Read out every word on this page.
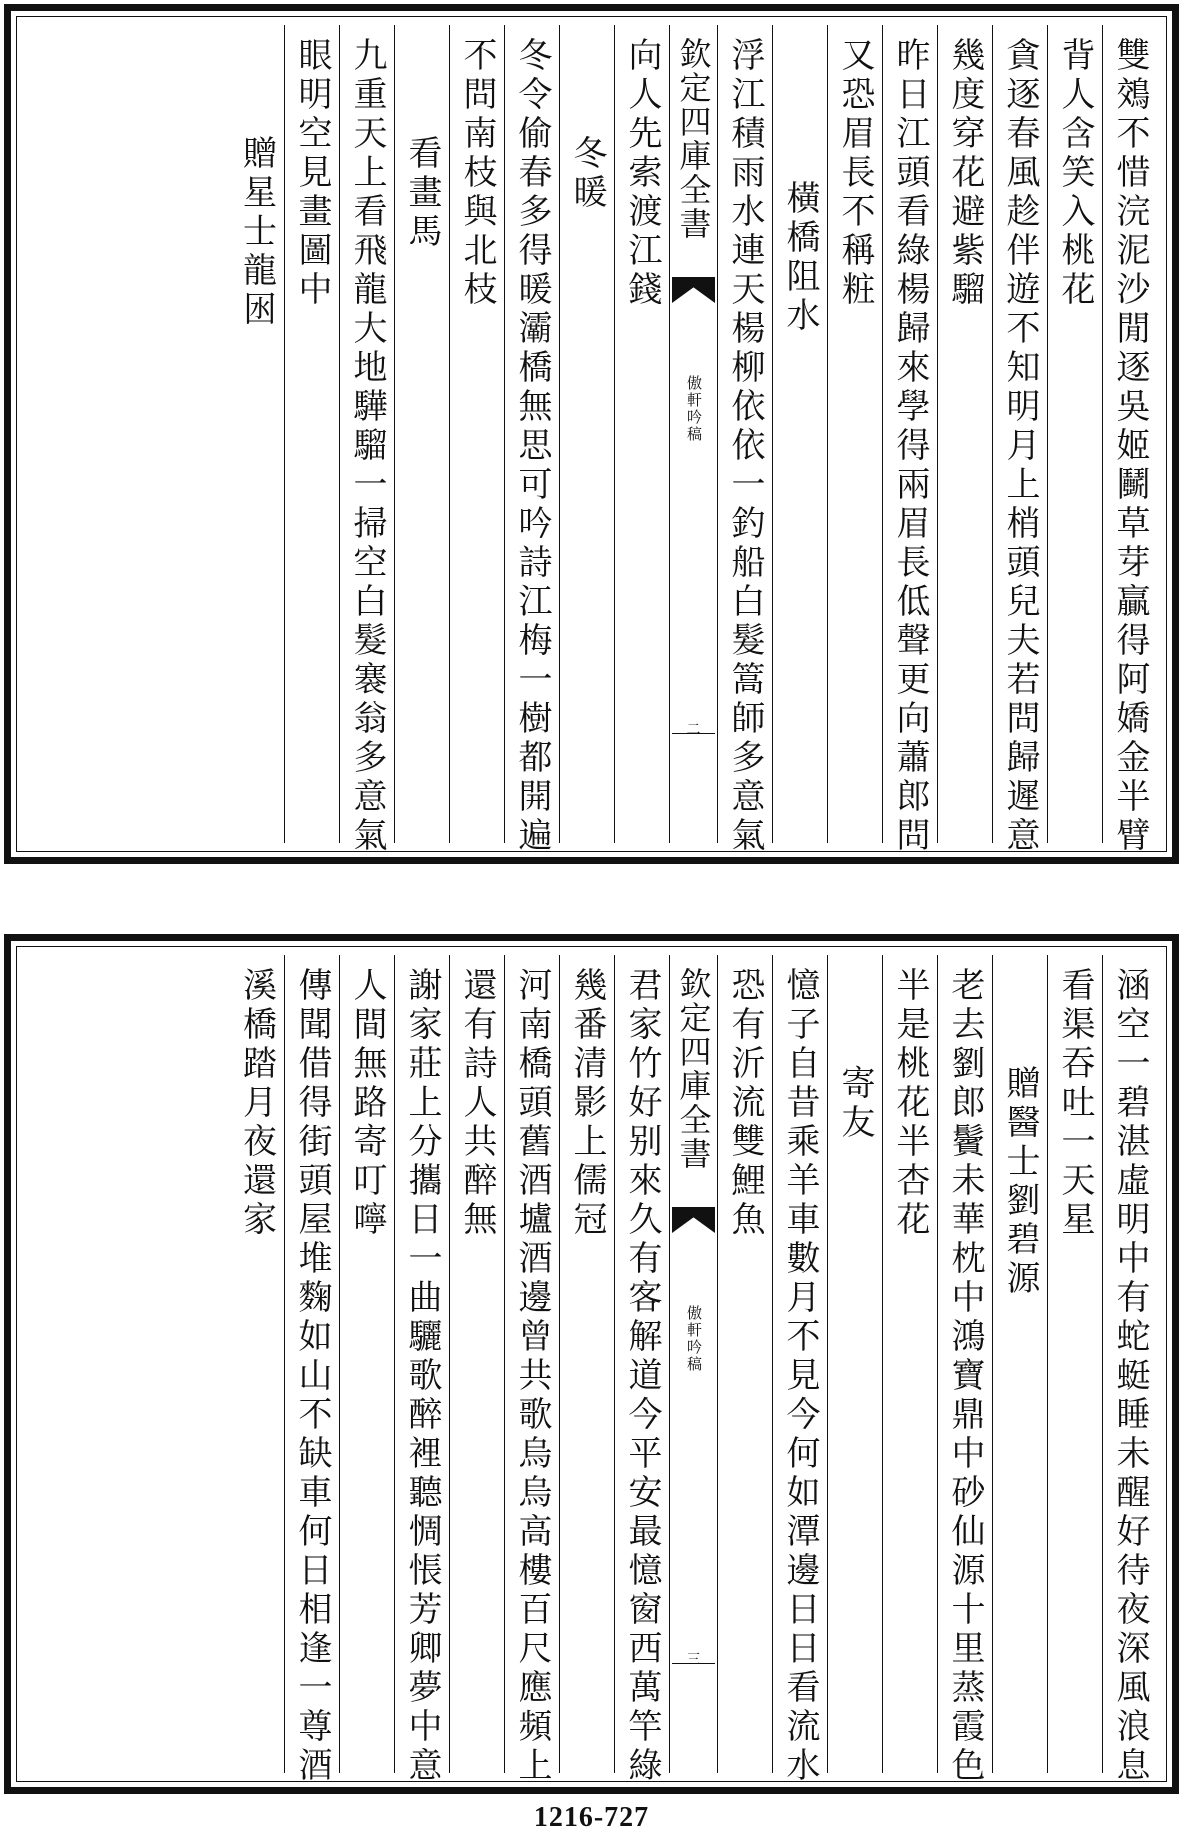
雙鵁不惜浣泥沙閒逐吳姬鬭草芽贏得阿嬌金半臂
背人含笑入桃花
貪逐春風趁伴遊不知明月上梢頭兒夫若問歸遲意
幾度穿花避紫騮
昨日江頭看綠楊歸來學得兩眉長低聲更向蕭郎問
又恐眉長不稱粧
橫橋阻水
浮江積雨水連天楊柳依依一釣船白髮篙師多意氣
欽定四庫全書
傲軒吟稿
二
向人先索渡江錢
冬暖
冬令偷春多得暖灞橋無思可吟詩江梅一樹都開遍
不問南枝與北枝
看畫馬
九重天上看飛龍大地驊騮一掃空白髮褰翁多意氣
眼明空見畫圖中
贈星士龍囦
涵空一碧湛虛明中有蛇蜓睡未醒好待夜深風浪息
看渠吞吐一天星
贈醫士劉碧源
老去劉郎鬢未華枕中鴻寶鼎中砂仙源十里蒸霞色
半是桃花半杏花
寄友
憶子自昔乘羊車數月不見今何如潭邊日日看流水
恐有沂流雙鯉魚
欽定四庫全書
傲軒吟稿
三
君家竹好别來久有客解道今平安最憶窗西萬竿綠
幾番清影上儒冠
河南橋頭舊酒壚酒邊曾共歌烏烏高樓百尺應頻上
還有詩人共醉無
謝家莊上分攜日一曲驪歌醉裡聽惆悵芳卿夢中意
人間無路寄叮嚀
傳聞借得街頭屋堆麴如山不缺車何日相逢一尊酒
溪橋踏月夜還家
1216-727
